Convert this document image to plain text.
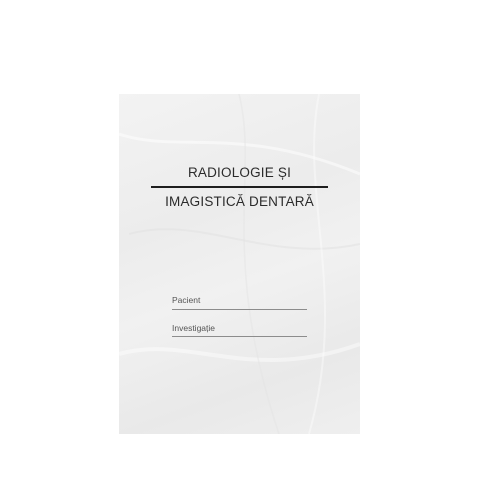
RADIOLOGIE ȘI
IMAGISTICĂ DENTARĂ
Pacient
Investigație
